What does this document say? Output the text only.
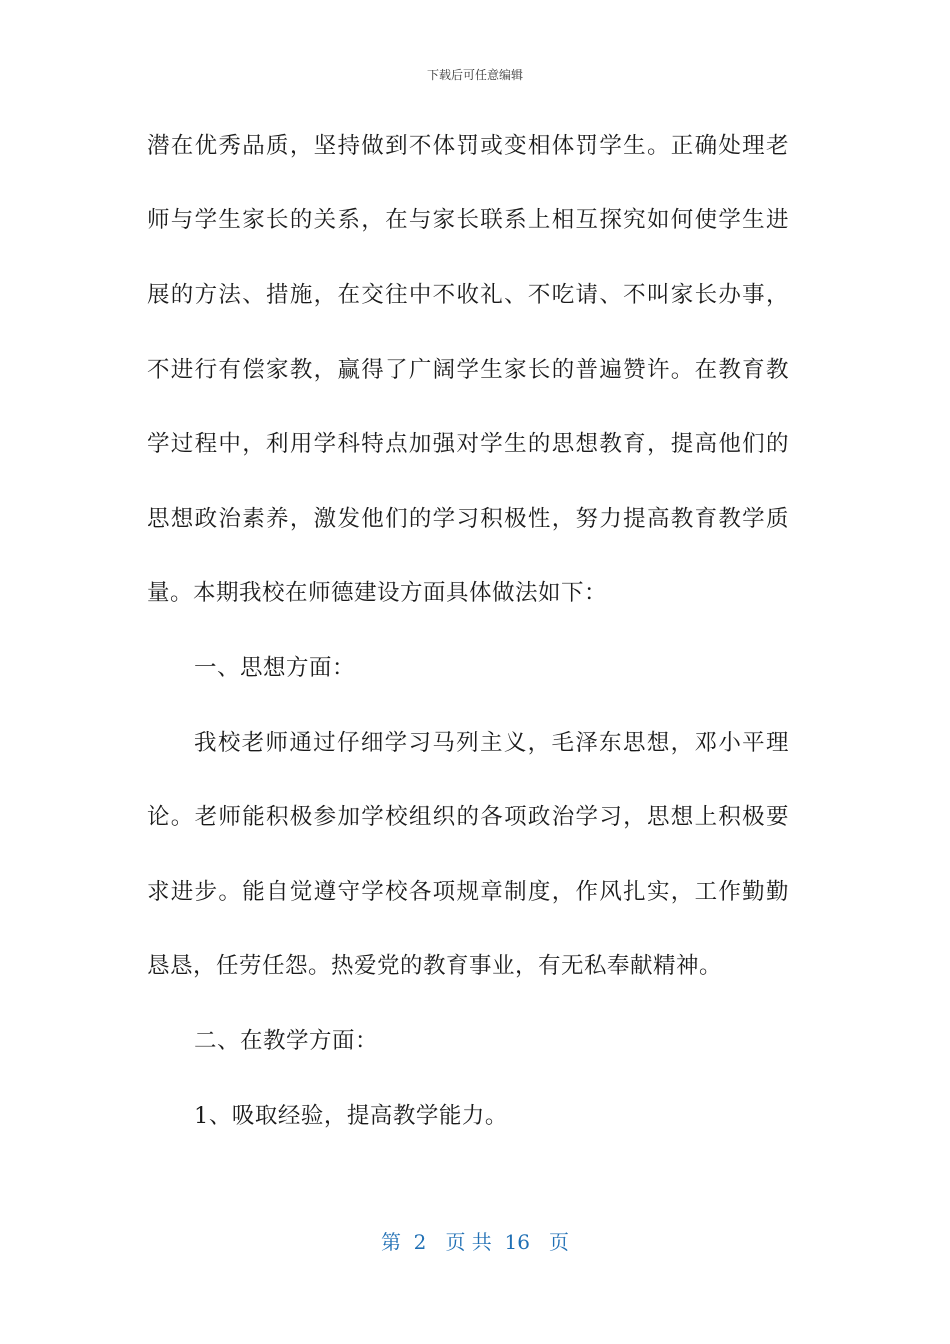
下载后可任意编辑
潜在优秀品质，坚持做到不体罚或变相体罚学生。正确处理老
师与学生家长的关系，在与家长联系上相互探究如何使学生进
展的方法、措施，在交往中不收礼、不吃请、不叫家长办事，
不进行有偿家教，赢得了广阔学生家长的普遍赞许。在教育教
学过程中，利用学科特点加强对学生的思想教育，提高他们的
思想政治素养，激发他们的学习积极性，努力提高教育教学质
量。本期我校在师德建设方面具体做法如下：
一、思想方面：
我校老师通过仔细学习马列主义，毛泽东思想，邓小平理
论。老师能积极参加学校组织的各项政治学习，思想上积极要
求进步。能自觉遵守学校各项规章制度，作风扎实，工作勤勤
恳恳，任劳任怨。热爱党的教育事业，有无私奉献精神。
二、在教学方面：
1、吸取经验，提高教学能力。
第  2   页 共  16   页
